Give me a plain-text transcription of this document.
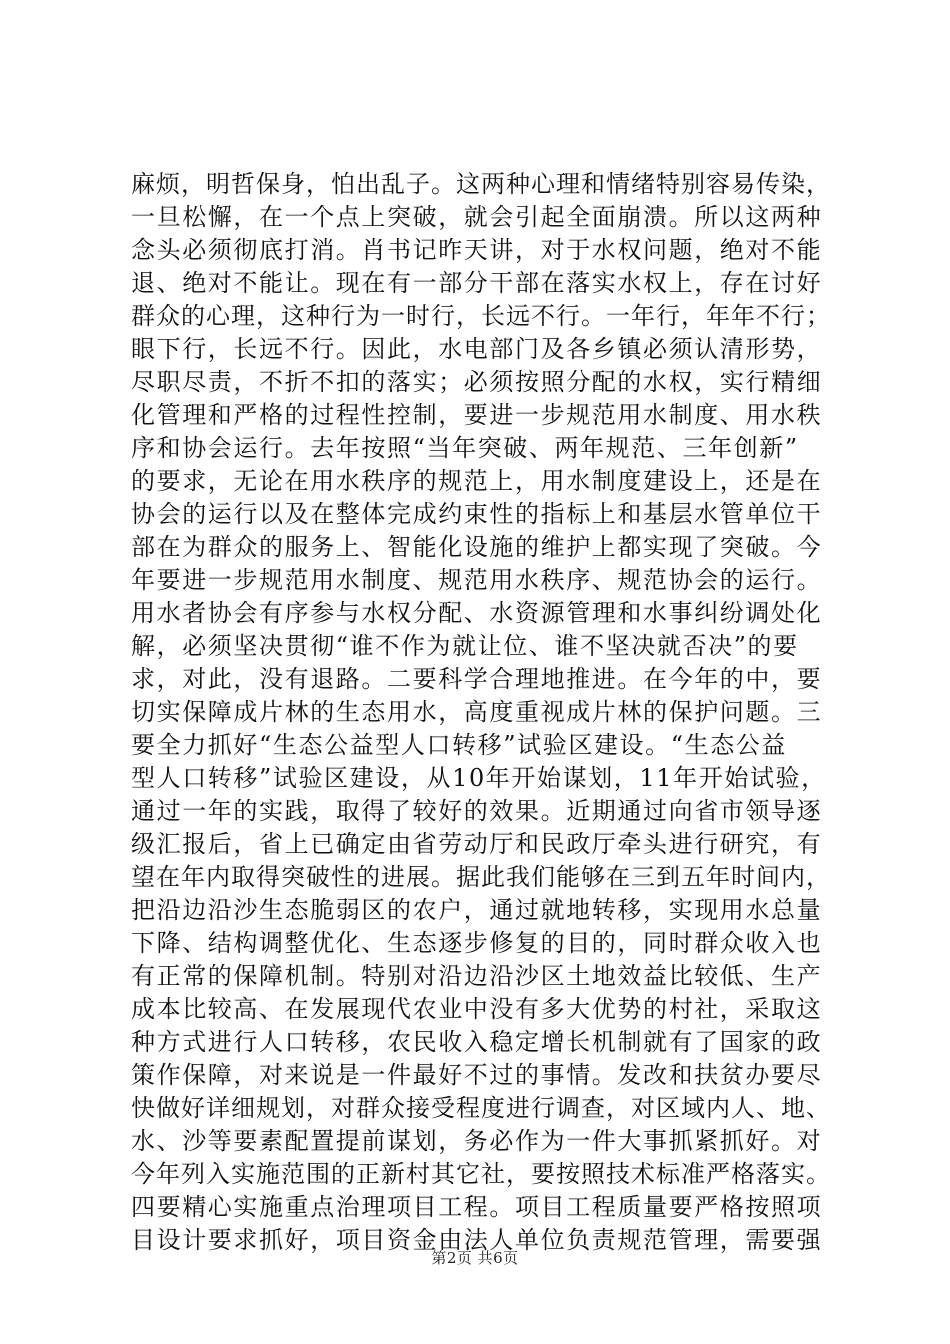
麻烦，明哲保身，怕出乱子。这两种心理和情绪特别容易传染，
一旦松懈，在一个点上突破，就会引起全面崩溃。所以这两种
念头必须彻底打消。肖书记昨天讲，对于水权问题，绝对不能
退、绝对不能让。现在有一部分干部在落实水权上，存在讨好
群众的心理，这种行为一时行，长远不行。一年行，年年不行；
眼下行，长远不行。因此，水电部门及各乡镇必须认清形势，
尽职尽责，不折不扣的落实；必须按照分配的水权，实行精细
化管理和严格的过程性控制，要进一步规范用水制度、用水秩
序和协会运行。去年按照“当年突破、两年规范、三年创新”
的要求，无论在用水秩序的规范上，用水制度建设上，还是在
协会的运行以及在整体完成约束性的指标上和基层水管单位干
部在为群众的服务上、智能化设施的维护上都实现了突破。今
年要进一步规范用水制度、规范用水秩序、规范协会的运行。
用水者协会有序参与水权分配、水资源管理和水事纠纷调处化
解，必须坚决贯彻“谁不作为就让位、谁不坚决就否决”的要
求，对此，没有退路。二要科学合理地推进。在今年的中，要
切实保障成片林的生态用水，高度重视成片林的保护问题。三
要全力抓好“生态公益型人口转移”试验区建设。“生态公益
型人口转移”试验区建设，从10年开始谋划，11年开始试验，
通过一年的实践，取得了较好的效果。近期通过向省市领导逐
级汇报后，省上已确定由省劳动厅和民政厅牵头进行研究，有
望在年内取得突破性的进展。据此我们能够在三到五年时间内，
把沿边沿沙生态脆弱区的农户，通过就地转移，实现用水总量
下降、结构调整优化、生态逐步修复的目的，同时群众收入也
有正常的保障机制。特别对沿边沿沙区土地效益比较低、生产
成本比较高、在发展现代农业中没有多大优势的村社，采取这
种方式进行人口转移，农民收入稳定增长机制就有了国家的政
策作保障，对来说是一件最好不过的事情。发改和扶贫办要尽
快做好详细规划，对群众接受程度进行调查，对区域内人、地、
水、沙等要素配置提前谋划，务必作为一件大事抓紧抓好。对
今年列入实施范围的正新村其它社，要按照技术标准严格落实。
四要精心实施重点治理项目工程。项目工程质量要严格按照项
目设计要求抓好，项目资金由法人单位负责规范管理，需要强
第2页 共6页
